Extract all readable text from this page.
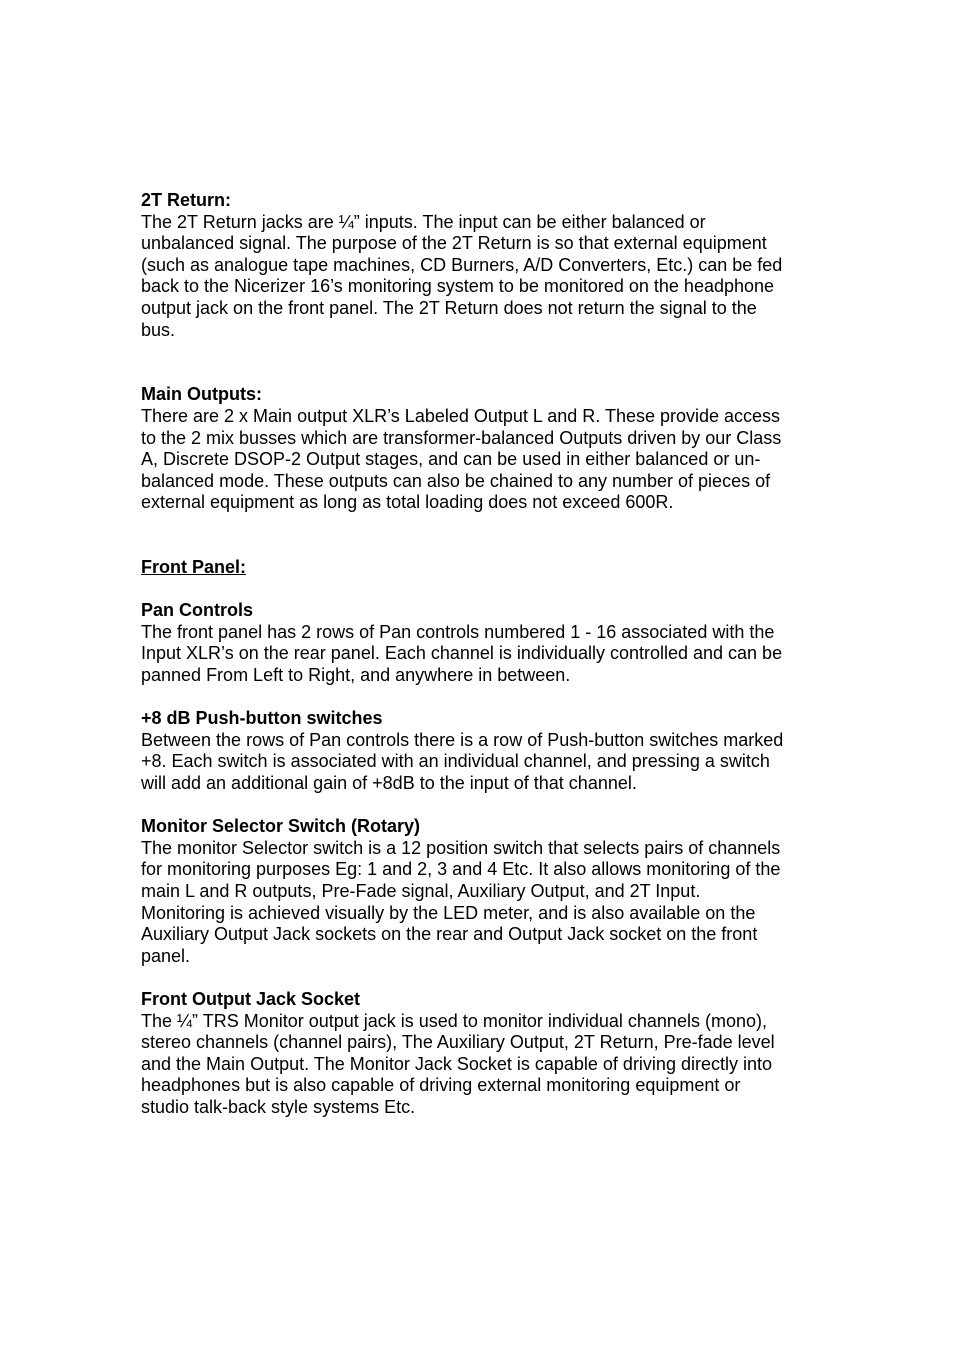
2T Return:

The 2T Return jacks are ¼” inputs. The input can be either balanced or
unbalanced signal. The purpose of the 2T Return is so that external equipment
(such as analogue tape machines, CD Burners, A/D Converters, Etc.) can be fed
back to the Nicerizer 16’s monitoring system to be monitored on the headphone
output jack on the front panel. The 2T Return does not return the signal to the
bus.

Main Outputs:

There are 2 x Main output XLR’s Labeled Output L and R. These provide access
to the 2 mix busses which are transformer-balanced Outputs driven by our Class
A, Discrete DSOP-2 Output stages, and can be used in either balanced or un-
balanced mode. These outputs can also be chained to any number of pieces of
external equipment as long as total loading does not exceed 600R.

Front Panel:

Pan Controls

The front panel has 2 rows of Pan controls numbered 1 - 16 associated with the
Input XLR’s on the rear panel. Each channel is individually controlled and can be
panned From Left to Right, and anywhere in between.

+8 dB Push-button switches

Between the rows of Pan controls there is a row of Push-button switches marked
+8. Each switch is associated with an individual channel, and pressing a switch
will add an additional gain of +8dB to the input of that channel.

Monitor Selector Switch (Rotary)

The monitor Selector switch is a 12 position switch that selects pairs of channels
for monitoring purposes Eg: 1 and 2, 3 and 4 Etc. It also allows monitoring of the
main L and R outputs, Pre-Fade signal, Auxiliary Output, and 2T Input.
Monitoring is achieved visually by the LED meter, and is also available on the
Auxiliary Output Jack sockets on the rear and Output Jack socket on the front
panel.

Front Output Jack Socket

The ¼” TRS Monitor output jack is used to monitor individual channels (mono),
stereo channels (channel pairs), The Auxiliary Output, 2T Return, Pre-fade level
and the Main Output. The Monitor Jack Socket is capable of driving directly into
headphones but is also capable of driving external monitoring equipment or
studio talk-back style systems Etc.
